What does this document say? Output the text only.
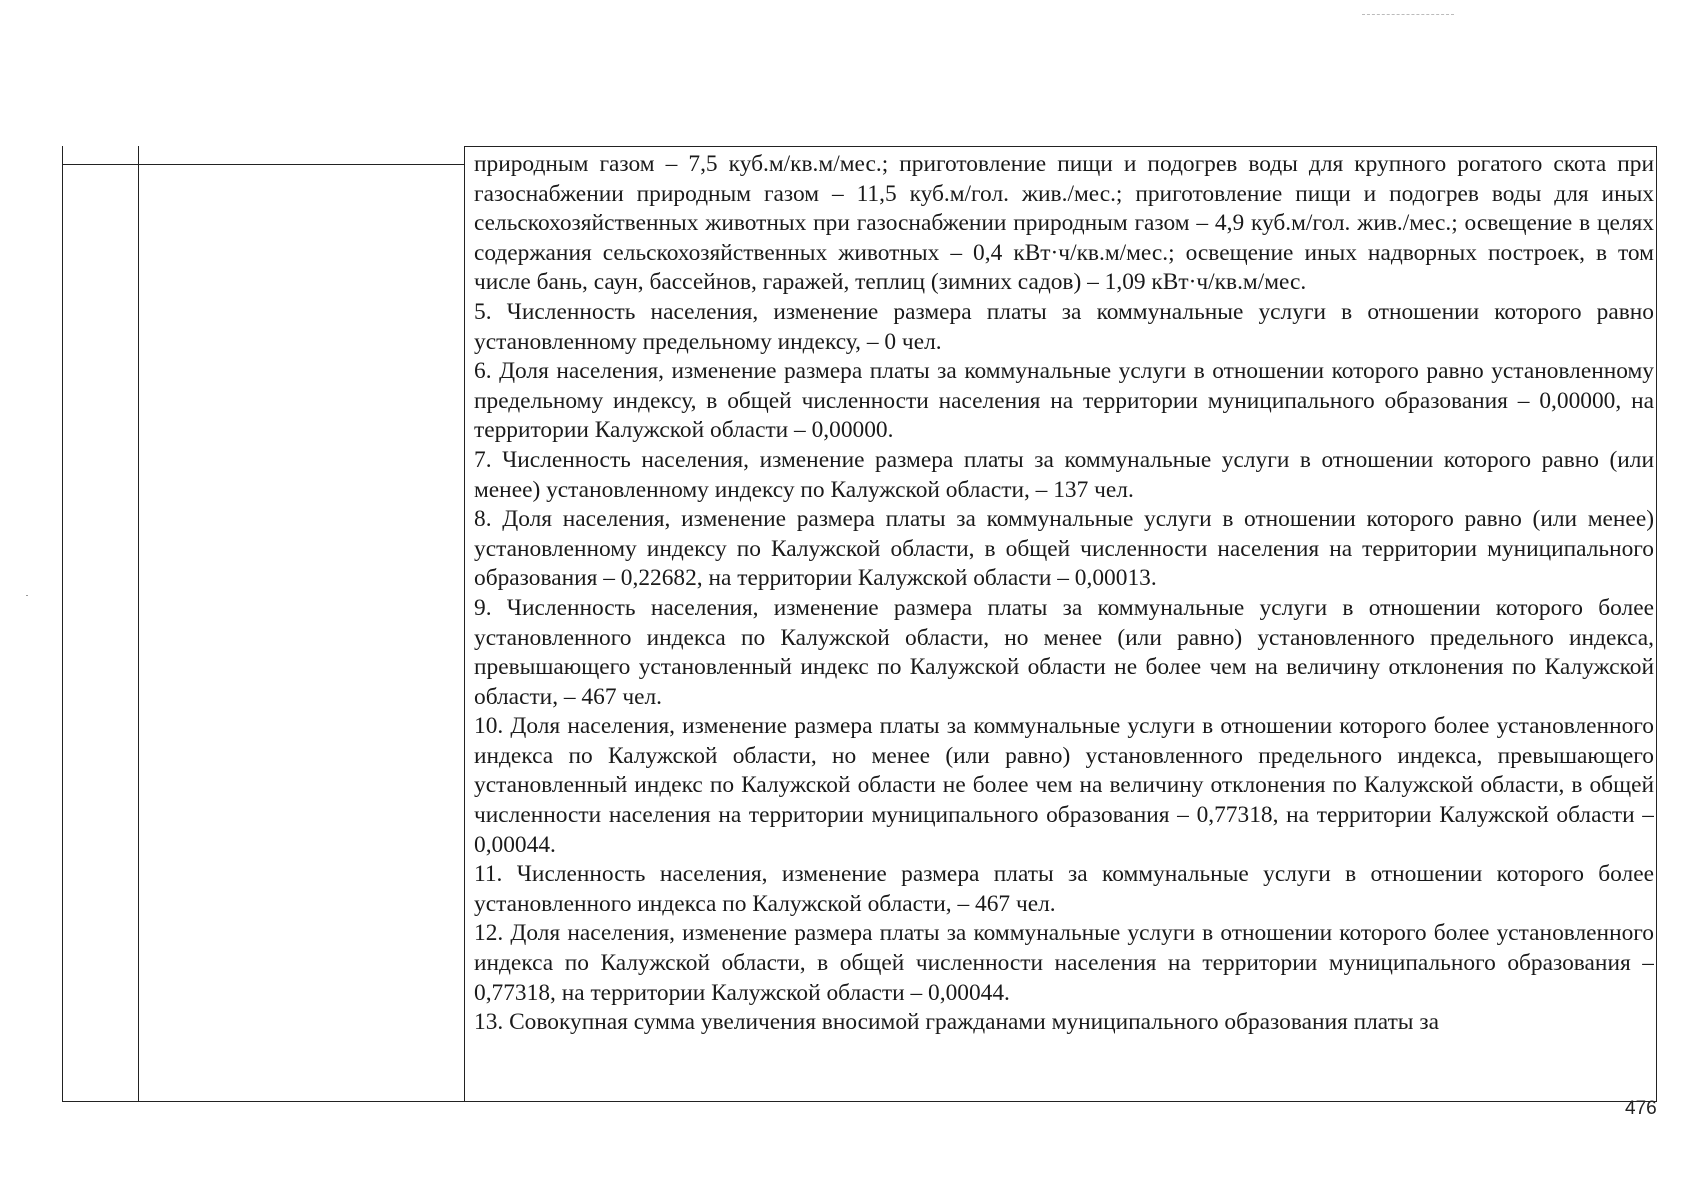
природным газом – 7,5 куб.м/кв.м/мес.; приготовление пищи и подогрев воды для крупного рогатого скота при газоснабжении природным газом – 11,5 куб.м/гол. жив./мес.; приготовление пищи и подогрев воды для иных сельскохозяйственных животных при газоснабжении природным газом – 4,9 куб.м/гол. жив./мес.; освещение в целях содержания сельскохозяйственных животных – 0,4 кВт·ч/кв.м/мес.; освещение иных надворных построек, в том числе бань, саун, бассейнов, гаражей, теплиц (зимних садов) – 1,09 кВт·ч/кв.м/мес.

5. Численность населения, изменение размера платы за коммунальные услуги в отношении которого равно установленному предельному индексу, – 0 чел.

6. Доля населения, изменение размера платы за коммунальные услуги в отношении которого равно установленному предельному индексу, в общей численности населения на территории муниципального образования – 0,00000, на территории Калужской области – 0,00000.

7. Численность населения, изменение размера платы за коммунальные услуги в отношении которого равно (или менее) установленному индексу по Калужской области, – 137 чел.

8. Доля населения, изменение размера платы за коммунальные услуги в отношении которого равно (или менее) установленному индексу по Калужской области, в общей численности населения на территории муниципального образования – 0,22682, на территории Калужской области – 0,00013.

9. Численность населения, изменение размера платы за коммунальные услуги в отношении которого более установленного индекса по Калужской области, но менее (или равно) установленного предельного индекса, превышающего установленный индекс по Калужской области не более чем на величину отклонения по Калужской области, – 467 чел.

10. Доля населения, изменение размера платы за коммунальные услуги в отношении которого более установленного индекса по Калужской области, но менее (или равно) установленного предельного индекса, превышающего установленный индекс по Калужской области не более чем на величину отклонения по Калужской области, в общей численности населения на территории муниципального образования – 0,77318, на территории Калужской области – 0,00044.

11. Численность населения, изменение размера платы за коммунальные услуги в отношении которого более установленного индекса по Калужской области, – 467 чел.

12. Доля населения, изменение размера платы за коммунальные услуги в отношении которого более установленного индекса по Калужской области, в общей численности населения на территории муниципального образования – 0,77318, на территории Калужской области – 0,00044.

13. Совокупная сумма увеличения вносимой гражданами муниципального образования платы за

476
